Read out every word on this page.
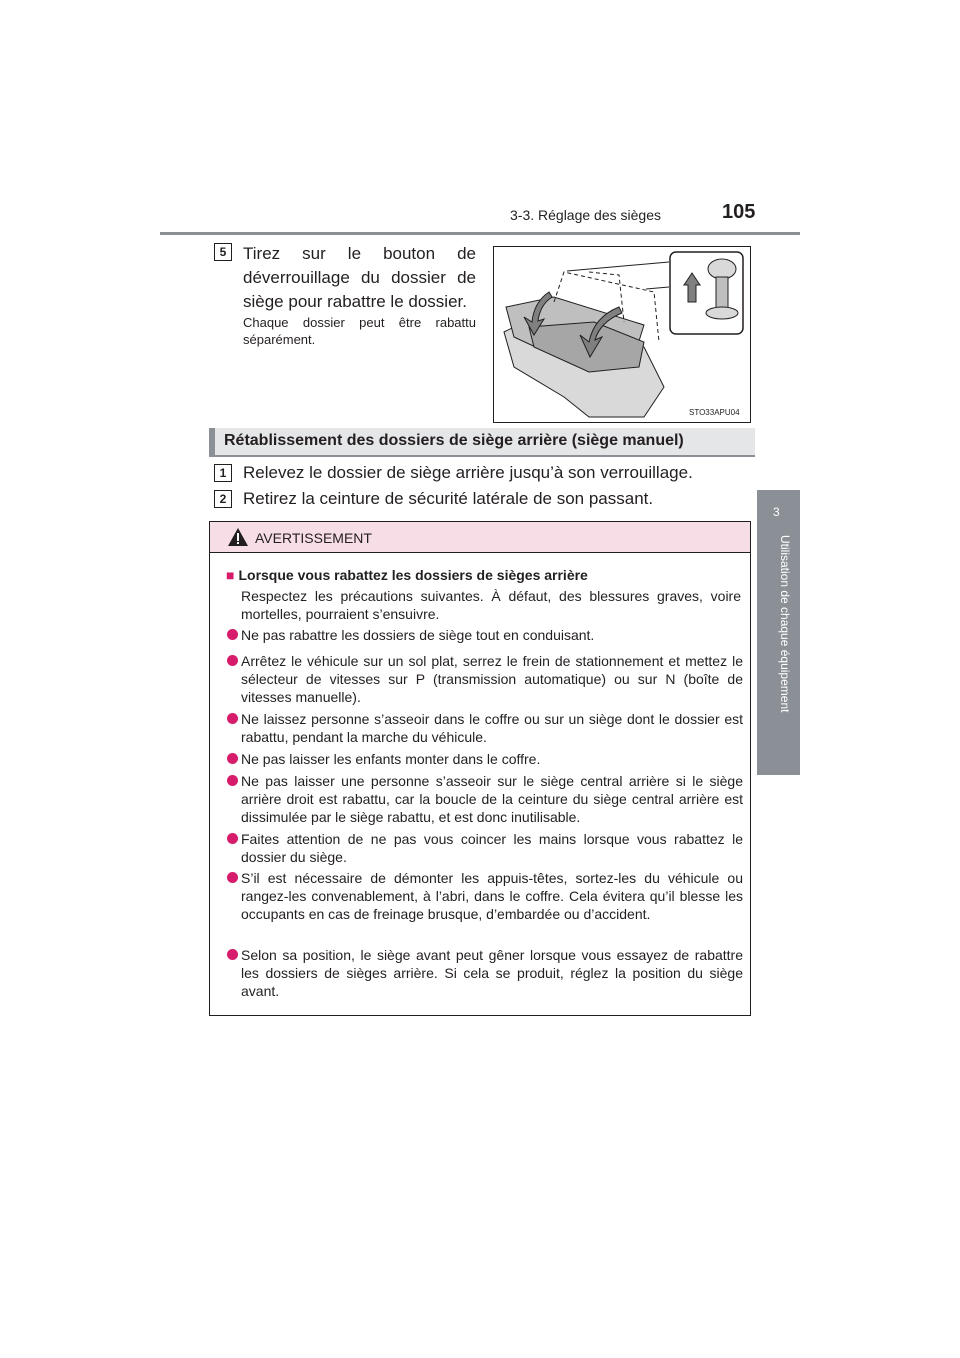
3-3. Réglage des sièges	105
3
Utilisation de chaque équipement
5 Tirez sur le bouton de déverrouillage du dossier de siège pour rabattre le dossier.
Chaque dossier peut être rabattu séparément.
STO33APU04
Rétablissement des dossiers de siège arrière (siège manuel)
1 Relevez le dossier de siège arrière jusqu’à son verrouillage.
2 Retirez la ceinture de sécurité latérale de son passant.
AVERTISSEMENT
■ Lorsque vous rabattez les dossiers de sièges arrière
Respectez les précautions suivantes. À défaut, des blessures graves, voire mortelles, pourraient s’ensuivre.
Ne pas rabattre les dossiers de siège tout en conduisant.
Arrêtez le véhicule sur un sol plat, serrez le frein de stationnement et mettez le sélecteur de vitesses sur P (transmission automatique) ou sur N (boîte de vitesses manuelle).
Ne laissez personne s’asseoir dans le coffre ou sur un siège dont le dossier est rabattu, pendant la marche du véhicule.
Ne pas laisser les enfants monter dans le coffre.
Ne pas laisser une personne s’asseoir sur le siège central arrière si le siège arrière droit est rabattu, car la boucle de la ceinture du siège central arrière est dissimulée par le siège rabattu, et est donc inutilisable.
Faites attention de ne pas vous coincer les mains lorsque vous rabattez le dossier du siège.
S’il est nécessaire de démonter les appuis-têtes, sortez-les du véhicule ou rangez-les convenablement, à l’abri, dans le coffre. Cela évitera qu’il blesse les occupants en cas de freinage brusque, d’embardée ou d’accident.
Selon sa position, le siège avant peut gêner lorsque vous essayez de rabattre les dossiers de sièges arrière. Si cela se produit, réglez la position du siège avant.
